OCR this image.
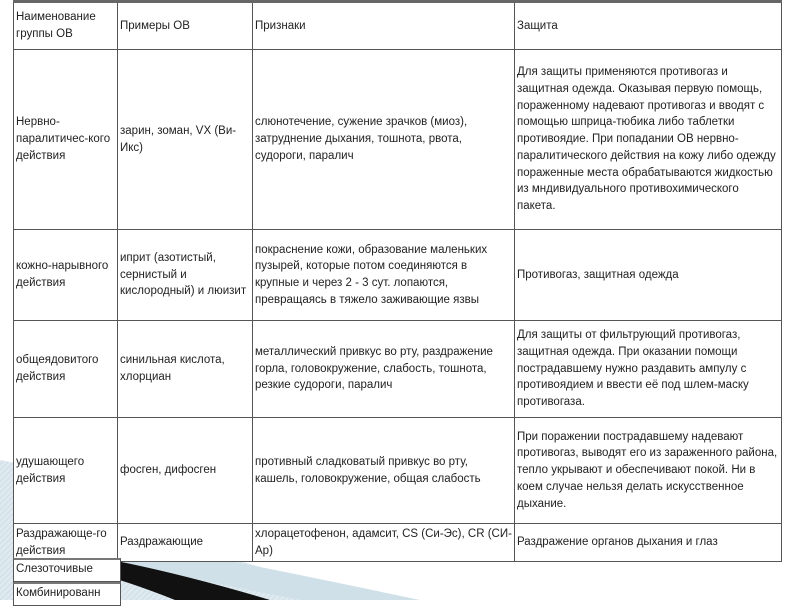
Наименование группы ОВ	Примеры ОВ	Признаки	Защита
Нервно-паралитичес-кого действия	зарин, зоман, VX (Ви-Икс)	слюнотечение, сужение зрачков (миоз), затруднение дыхания, тошнота, рвота, судороги, паралич	Для защиты применяются противогаз и защитная одежда. Оказывая первую помощь, пораженному надевают противогаз и вводят с помощью шприца-тюбика либо таблетки противоядие. При попадании ОВ нервно-паралитического действия на кожу либо одежду пораженные места обрабатываются жидкостью из мндивидуального противохимического пакета.
кожно-нарывного действия	иприт (азотистый, сернистый и кислородный) и люизит	покраснение кожи, образование маленьких пузырей, которые потом соединяются в крупные и через 2 - 3 сут. лопаются, превращаясь в тяжело заживающие язвы	Противогаз, защитная одежда
общеядовитого действия	синильная кислота, хлорциан	металлический привкус во рту, раздражение горла, головокружение, слабость, тошнота, резкие судороги, паралич	Для защиты от фильтрующий противогаз, защитная одежда. При оказании помощи пострадавшему нужно раздавить ампулу с противоядием и ввести её под шлем-маску противогаза.
удушающего действия	фосген, дифосген	противный сладковатый привкус во рту, кашель, головокружение, общая слабость	При поражении пострадавшему надевают противогаз, выводят его из зараженного района, тепло укрывают и обеспечивают покой. Ни в коем случае нельзя делать искусственное дыхание.
Раздражающе-го действия	Раздражающие	хлорацетофенон, адамсит, CS (Си-Эс), CR (СИ-Ар)	Раздражение органов дыхания и глаз
Слезоточивые
Комбинированн
